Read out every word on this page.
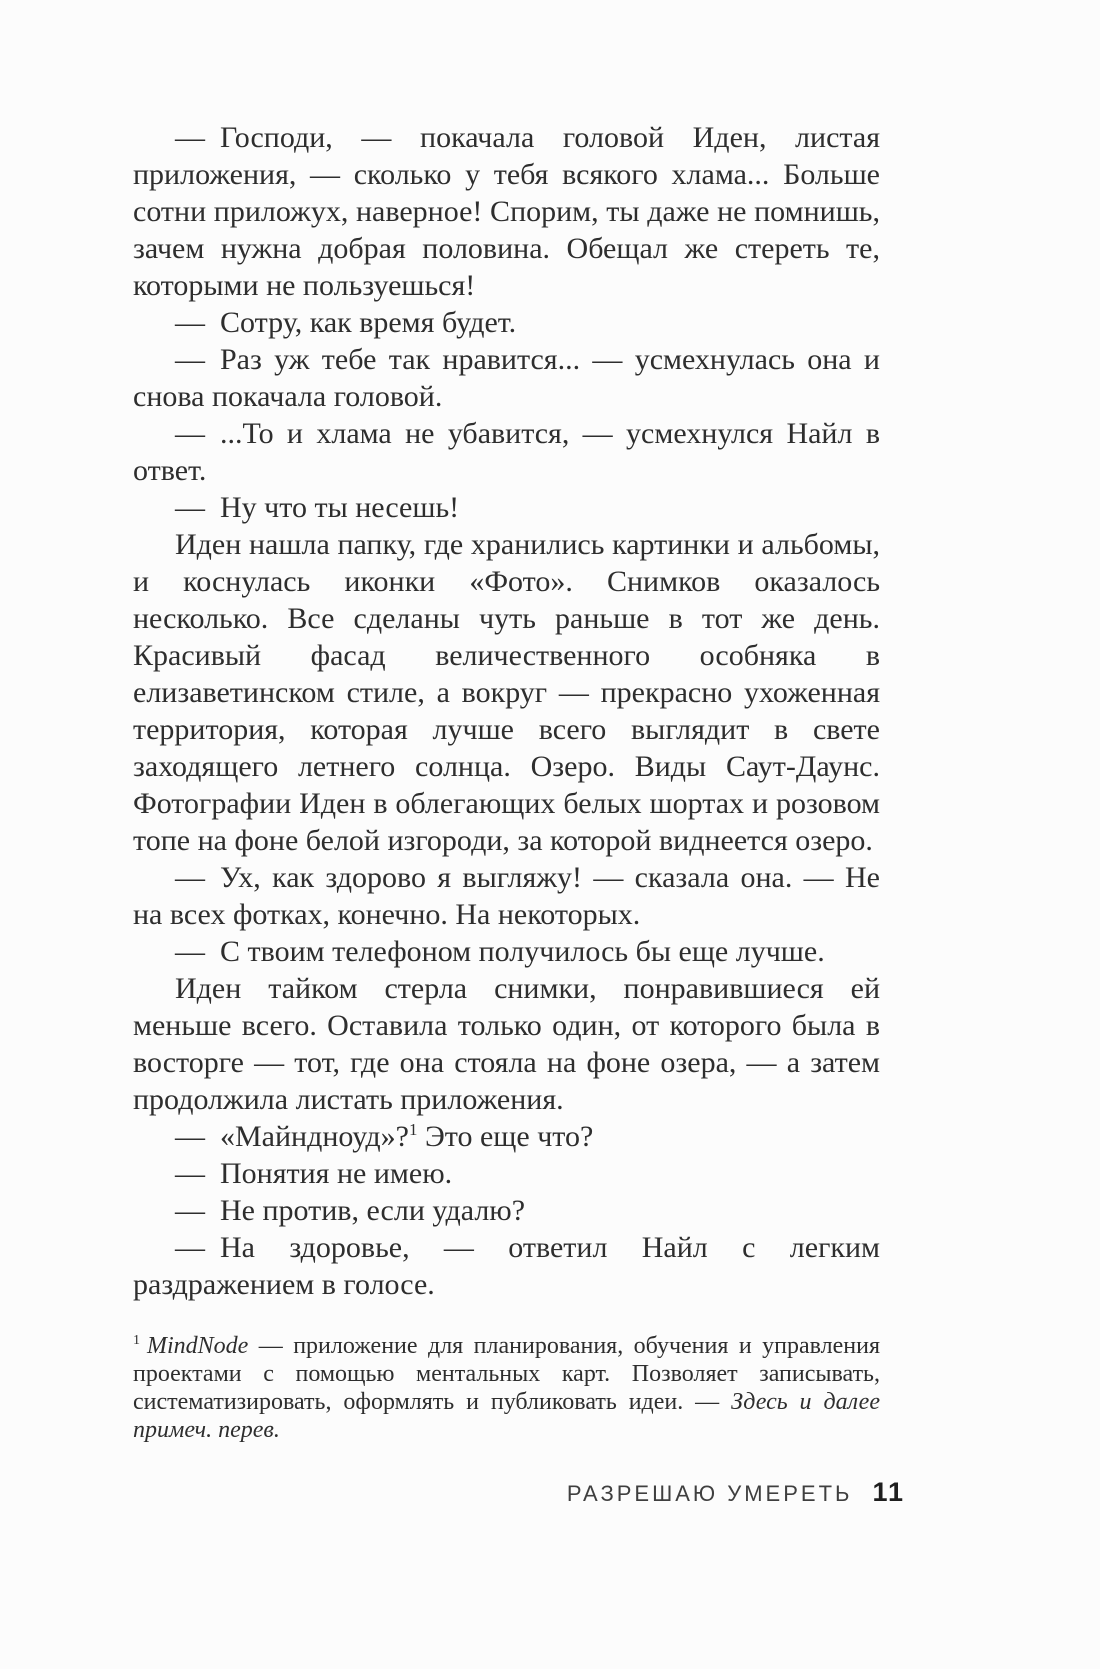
— Господи, — покачала головой Иден, листая приложения, — сколько у тебя всякого хлама... Больше сотни приложух, наверное! Спорим, ты даже не помнишь, зачем нужна добрая половина. Обещал же стереть те, которыми не пользуешься!

— Сотру, как время будет.

— Раз уж тебе так нравится... — усмехнулась она и снова покачала головой.

— ...То и хлама не убавится, — усмехнулся Найл в ответ.

— Ну что ты несешь!

Иден нашла папку, где хранились картинки и альбомы, и коснулась иконки «Фото». Снимков оказалось несколько. Все сделаны чуть раньше в тот же день. Красивый фасад величественного особняка в елизаветинском стиле, а вокруг — прекрасно ухоженная территория, которая лучше всего выглядит в свете заходящего летнего солнца. Озеро. Виды Саут-Даунс. Фотографии Иден в облегающих белых шортах и розовом топе на фоне белой изгороди, за которой виднеется озеро.

— Ух, как здорово я выгляжу! — сказала она. — Не на всех фотках, конечно. На некоторых.

— С твоим телефоном получилось бы еще лучше.

Иден тайком стерла снимки, понравившиеся ей меньше всего. Оставила только один, от которого была в восторге — тот, где она стояла на фоне озера, — а затем продолжила листать приложения.

— «Майндноуд»?$^1$ Это еще что?

— Понятия не имею.

— Не против, если удалю?

— На здоровье, — ответил Найл с легким раздражением в голосе.

$^1$ MindNode — приложение для планирования, обучения и управления проектами с помощью ментальных карт. Позволяет записывать, систематизировать, оформлять и публиковать идеи. — Здесь и далее примеч. перев.

РАЗРЕШАЮ УМЕРЕТЬ 11
